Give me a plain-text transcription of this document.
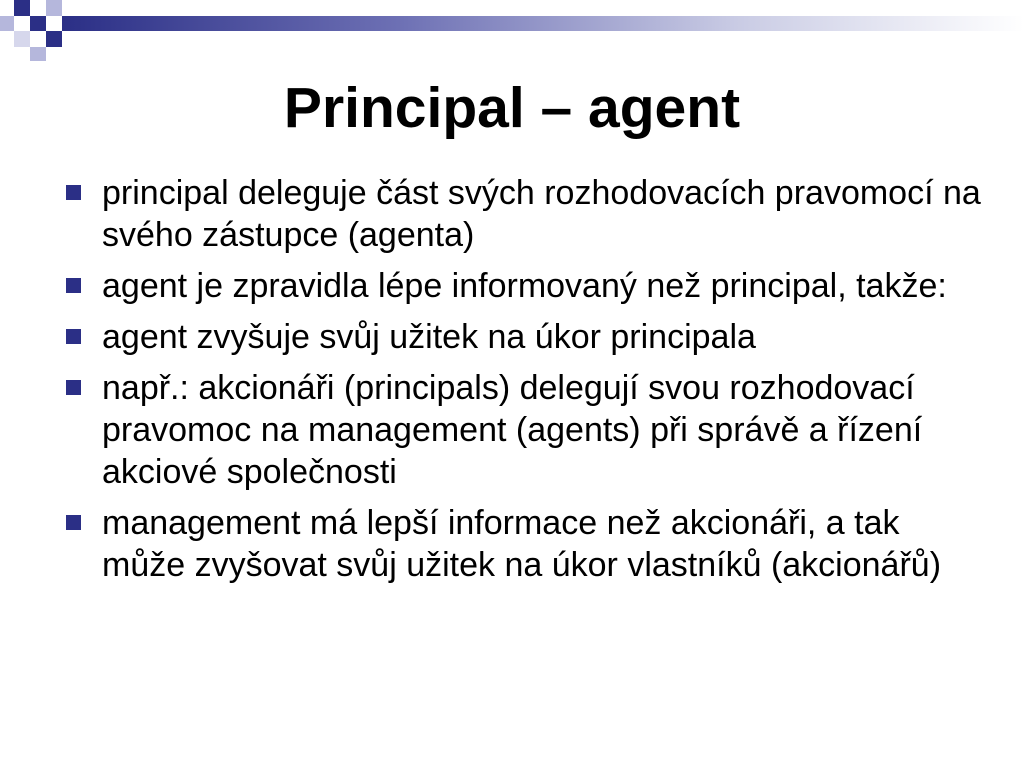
Principal – agent
principal deleguje část svých rozhodovacích pravomocí na svého zástupce (agenta)
agent je zpravidla lépe informovaný než principal, takže:
agent zvyšuje svůj užitek na úkor principala
např.: akcionáři (principals) delegují svou rozhodovací pravomoc na management (agents) při správě a řízení akciové společnosti
management má lepší informace než akcionáři, a tak může zvyšovat svůj užitek na úkor vlastníků (akcionářů)
